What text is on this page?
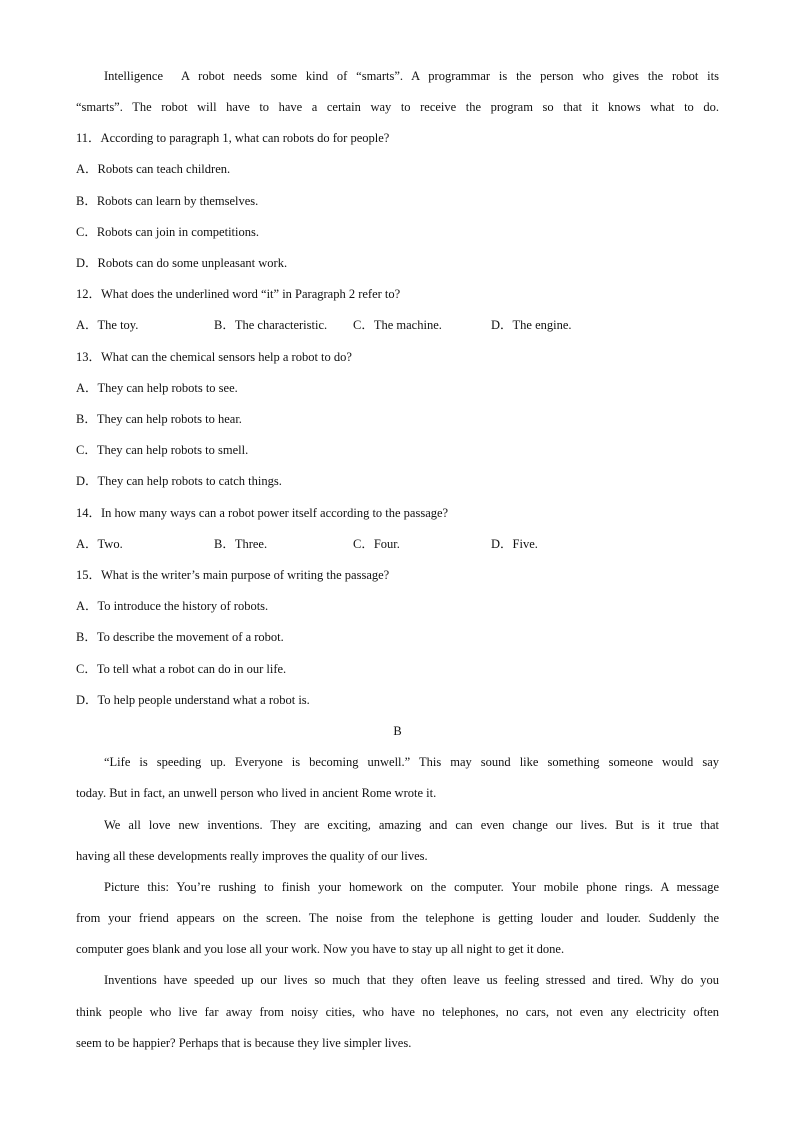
Intelligence A robot needs some kind of “smarts”. A programmar is the person who gives the robot its
“smarts”. The robot will have to have a certain way to receive the program so that it knows what to do.
11．According to paragraph 1, what can robots do for people?
A．Robots can teach children.
B．Robots can learn by themselves.
C．Robots can join in competitions.
D．Robots can do some unpleasant work.
12．What does the underlined word “it” in Paragraph 2 refer to?
A．The toy.	B．The characteristic. C．The machine.	D．The engine.
13．What can the chemical sensors help a robot to do?
A．They can help robots to see.
B．They can help robots to hear.
C．They can help robots to smell.
D．They can help robots to catch things.
14．In how many ways can a robot power itself according to the passage?
A．Two.	B．Three.	C．Four.	D．Five.
15．What is the writer’s main purpose of writing the passage?
A．To introduce the history of robots.
B．To describe the movement of a robot.
C．To tell what a robot can do in our life.
D．To help people understand what a robot is.
B
“Life is speeding up. Everyone is becoming unwell.” This may sound like something someone would say
today. But in fact, an unwell person who lived in ancient Rome wrote it.
We all love new inventions. They are exciting, amazing and can even change our lives. But is it true that
having all these developments really improves the quality of our lives.
Picture this: You’re rushing to finish your homework on the computer. Your mobile phone rings. A message
from your friend appears on the screen. The noise from the telephone is getting louder and louder. Suddenly the
computer goes blank and you lose all your work. Now you have to stay up all night to get it done.
Inventions have speeded up our lives so much that they often leave us feeling stressed and tired. Why do you
think people who live far away from noisy cities, who have no telephones, no cars, not even any electricity often
seem to be happier? Perhaps that is because they live simpler lives.
